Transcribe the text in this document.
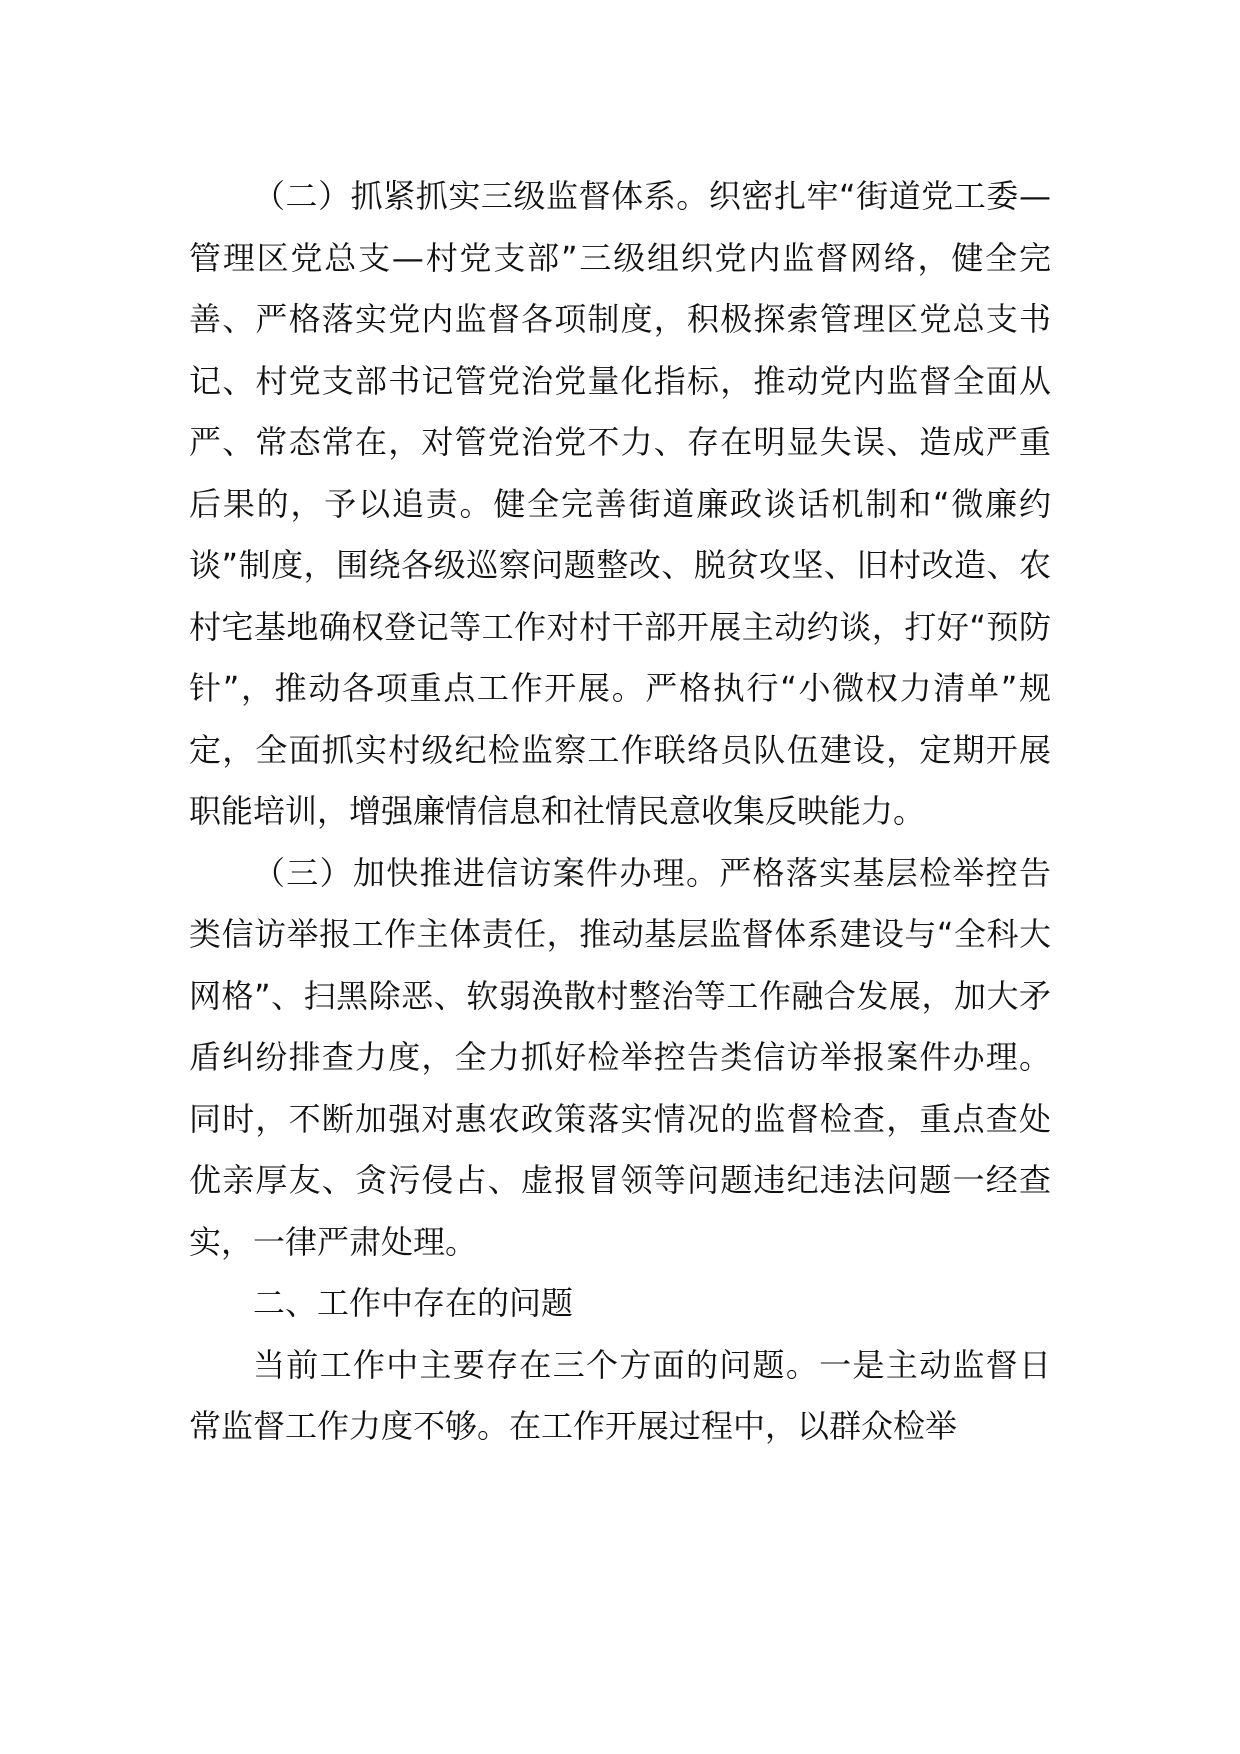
（二）抓紧抓实三级监督体系。织密扎牢“街道党工委—管理区党总支—村党支部”三级组织党内监督网络，健全完善、严格落实党内监督各项制度，积极探索管理区党总支书记、村党支部书记管党治党量化指标，推动党内监督全面从严、常态常在，对管党治党不力、存在明显失误、造成严重后果的，予以追责。健全完善街道廉政谈话机制和“微廉约谈”制度，围绕各级巡察问题整改、脱贫攻坚、旧村改造、农村宅基地确权登记等工作对村干部开展主动约谈，打好“预防针”，推动各项重点工作开展。严格执行“小微权力清单”规定，全面抓实村级纪检监察工作联络员队伍建设，定期开展职能培训，增强廉情信息和社情民意收集反映能力。

（三）加快推进信访案件办理。严格落实基层检举控告类信访举报工作主体责任，推动基层监督体系建设与“全科大网格”、扫黑除恶、软弱涣散村整治等工作融合发展，加大矛盾纠纷排查力度，全力抓好检举控告类信访举报案件办理。同时，不断加强对惠农政策落实情况的监督检查，重点查处优亲厚友、贪污侵占、虚报冒领等问题违纪违法问题一经查实，一律严肃处理。

二、工作中存在的问题

当前工作中主要存在三个方面的问题。一是主动监督日常监督工作力度不够。在工作开展过程中，以群众检举
